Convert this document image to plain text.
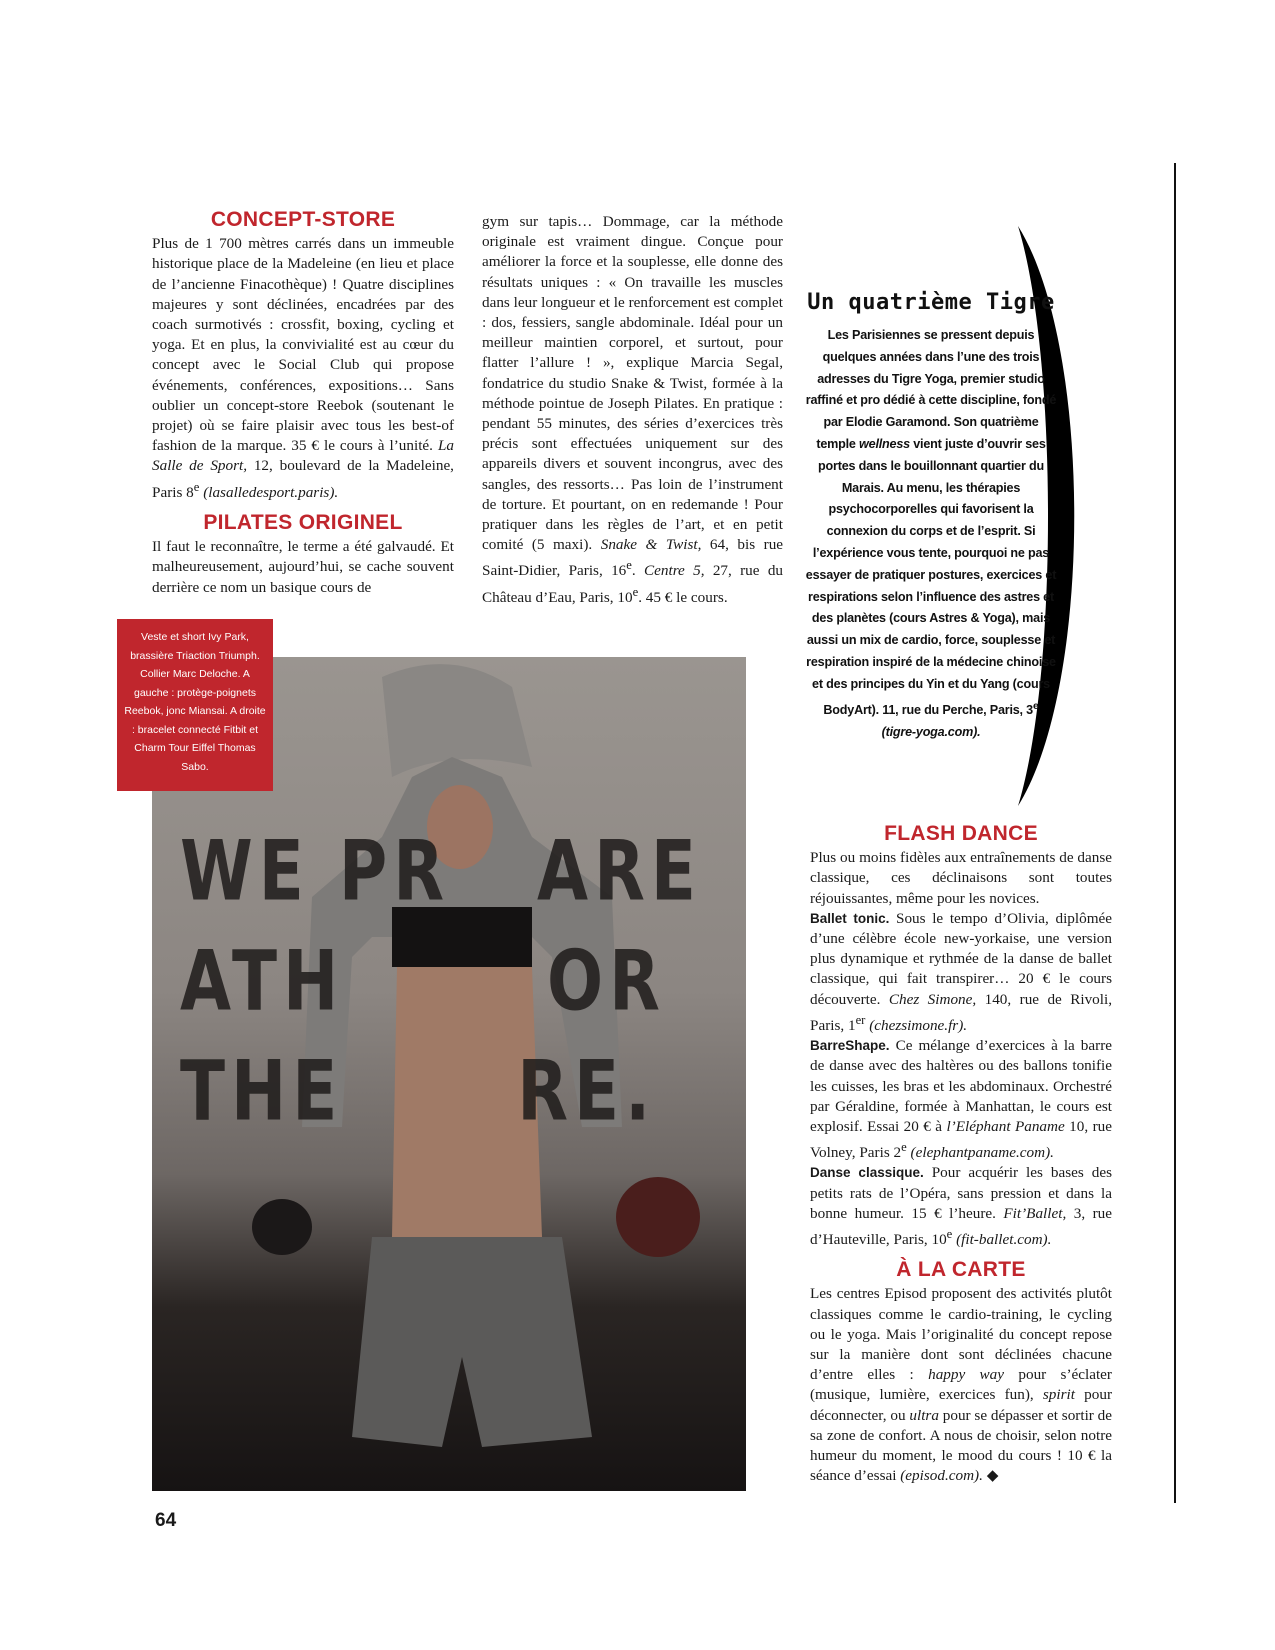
CONCEPT-STORE

Plus de 1 700 mètres carrés dans un immeuble historique place de la Madeleine (en lieu et place de l’ancienne Finacothèque) ! Quatre disciplines majeures y sont déclinées, encadrées par des coach surmotivés : crossfit, boxing, cycling et yoga. Et en plus, la convivialité est au cœur du concept avec le Social Club qui propose événements, conférences, expositions… Sans oublier un concept-store Reebok (soutenant le projet) où se faire plaisir avec tous les best-of fashion de la marque. 35 € le cours à l’unité. La Salle de Sport, 12, boulevard de la Madeleine, Paris 8e (lasalledesport.paris).

PILATES ORIGINEL

Il faut le reconnaître, le terme a été galvaudé. Et malheureusement, aujourd’hui, se cache souvent derrière ce nom un basique cours de

gym sur tapis… Dommage, car la méthode originale est vraiment dingue. Conçue pour améliorer la force et la souplesse, elle donne des résultats uniques : « On travaille les muscles dans leur longueur et le renforcement est complet : dos, fessiers, sangle abdominale. Idéal pour un meilleur maintien corporel, et surtout, pour flatter l’allure ! », explique Marcia Segal, fondatrice du studio Snake & Twist, formée à la méthode pointue de Joseph Pilates. En pratique : pendant 55 minutes, des séries d’exercices très précis sont effectuées uniquement sur des appareils divers et souvent incongrus, avec des sangles, des ressorts… Pas loin de l’instrument de torture. Et pourtant, on en redemande ! Pour pratiquer dans les règles de l’art, et en petit comité (5 maxi). Snake & Twist, 64, bis rue Saint-Didier, Paris, 16e. Centre 5, 27, rue du Château d’Eau, Paris, 10e. 45 € le cours.

Un quatrième Tigre
Les Parisiennes se pressent depuis quelques années dans l’une des trois adresses du Tigre Yoga, premier studio raffiné et pro dédié à cette discipline, fondé par Elodie Garamond. Son quatrième temple wellness vient juste d’ouvrir ses portes dans le bouillonnant quartier du Marais. Au menu, les thérapies psychocorporelles qui favorisent la connexion du corps et de l’esprit. Si l’expérience vous tente, pourquoi ne pas essayer de pratiquer postures, exercices et respirations selon l’influence des astres et des planètes (cours Astres & Yoga), mais aussi un mix de cardio, force, souplesse et respiration inspiré de la médecine chinoise et des principes du Yin et du Yang (cours BodyArt). 11, rue du Perche, Paris, 3e (tigre-yoga.com).
WE PR   ARE
ATH       OR
THE      RE.
Veste et short Ivy Park, brassière Triaction Triumph. Collier Marc Deloche. A gauche : protège-poignets Reebok, jonc Miansai. A droite : bracelet connecté Fitbit et Charm Tour Eiffel Thomas Sabo.
FLASH DANCE

Plus ou moins fidèles aux entraînements de danse classique, ces déclinaisons sont toutes réjouissantes, même pour les novices.

Ballet tonic. Sous le tempo d’Olivia, diplômée d’une célèbre école new-yorkaise, une version plus dynamique et rythmée de la danse de ballet classique, qui fait transpirer… 20 € le cours découverte. Chez Simone, 140, rue de Rivoli, Paris, 1er (chezsimone.fr).

BarreShape. Ce mélange d’exercices à la barre de danse avec des haltères ou des ballons tonifie les cuisses, les bras et les abdominaux. Orchestré par Géraldine, formée à Manhattan, le cours est explosif. Essai 20 € à l’Eléphant Paname 10, rue Volney, Paris 2e (elephantpaname.com).

Danse classique. Pour acquérir les bases des petits rats de l’Opéra, sans pression et dans la bonne humeur. 15 € l’heure. Fit’Ballet, 3, rue d’Hauteville, Paris, 10e (fit-ballet.com).

À LA CARTE

Les centres Episod proposent des activités plutôt classiques comme le cardio-training, le cycling ou le yoga. Mais l’originalité du concept repose sur la manière dont sont déclinées chacune d’entre elles : happy way pour s’éclater (musique, lumière, exercices fun), spirit pour déconnecter, ou ultra pour se dépasser et sortir de sa zone de confort. A nous de choisir, selon notre humeur du moment, le mood du cours ! 10 € la séance d’essai (episod.com). ◆

64
